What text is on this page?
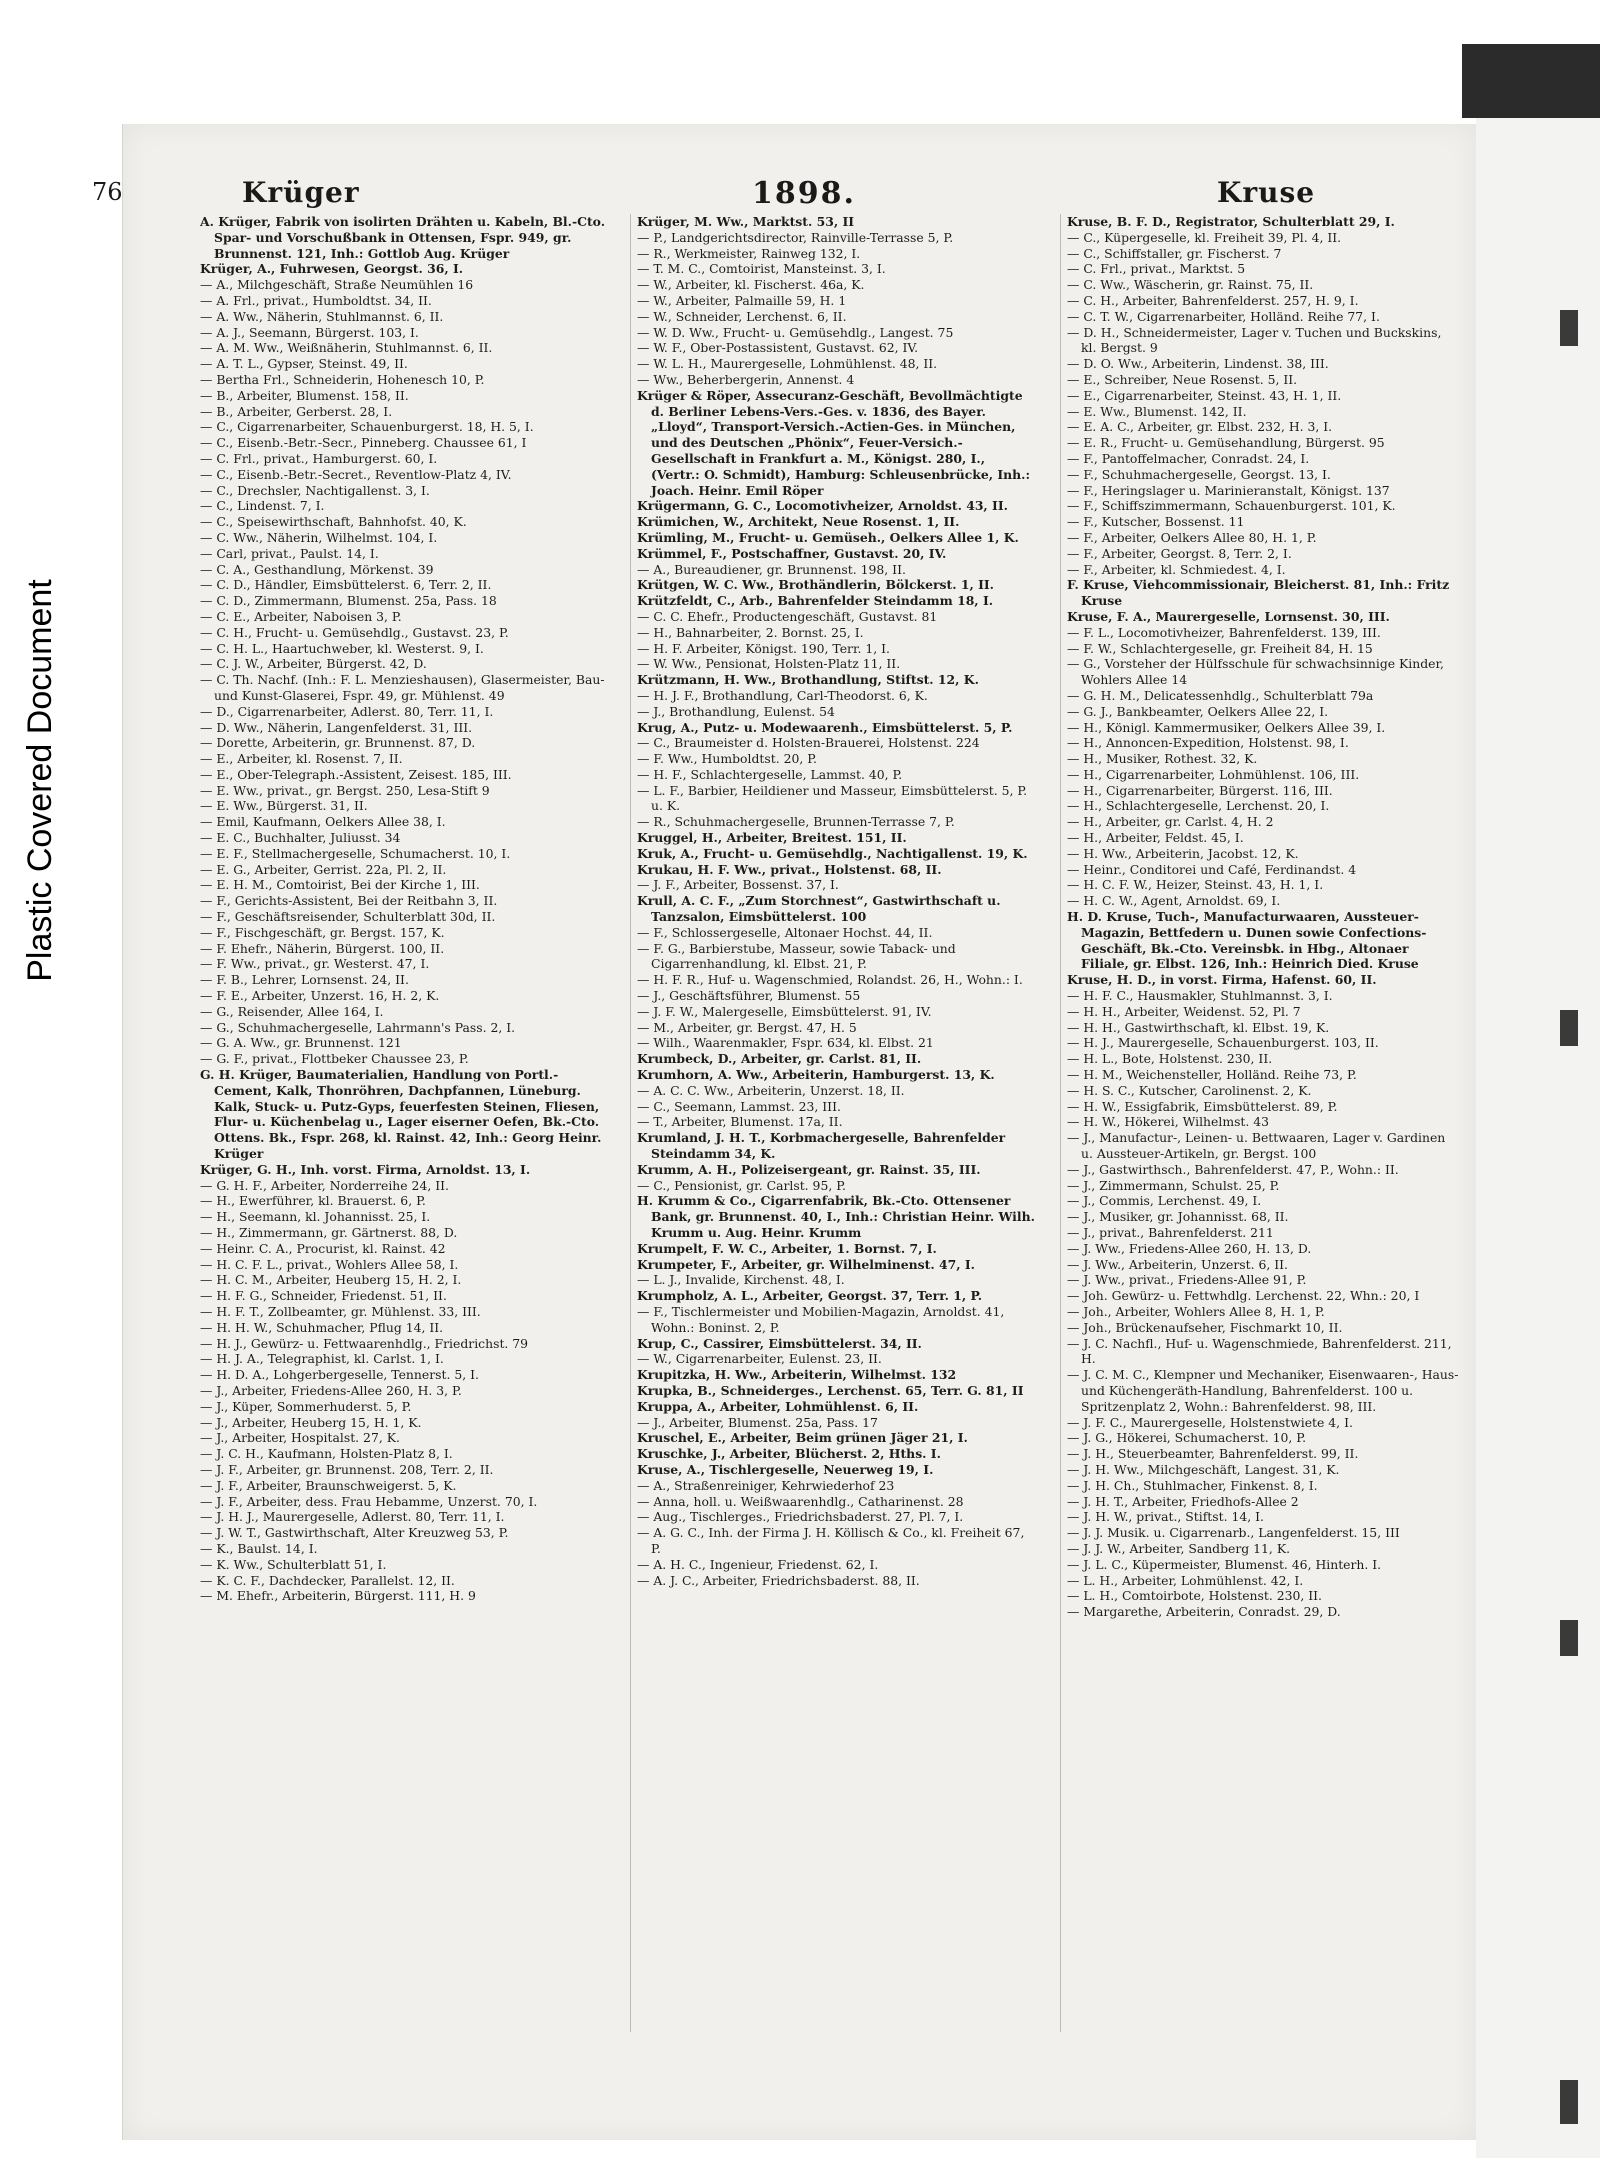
Plastic Covered Document
76	Krüger	1898.	Kruse
A. Krüger, Fabrik von isolirten Drähten u. Kabeln, Bl.-Cto. Spar- und Vorschußbank in Ottensen, Fspr. 949, gr. Brunnenst. 121, Inh.: Gottlob Aug. Krüger
Krüger, A., Fuhrwesen, Georgst. 36, I.
— A., Milchgeschäft, Straße Neumühlen 16
— A. Frl., privat., Humboldtst. 34, II.
— A. Ww., Näherin, Stuhlmannst. 6, II.
— A. J., Seemann, Bürgerst. 103, I.
— A. M. Ww., Weißnäherin, Stuhlmannst. 6, II.
— A. T. L., Gypser, Steinst. 49, II.
— Bertha Frl., Schneiderin, Hohenesch 10, P.
— B., Arbeiter, Blumenst. 158, II.
— B., Arbeiter, Gerberst. 28, I.
— C., Cigarrenarbeiter, Schauenburgerst. 18, H. 5, I.
— C., Eisenb.-Betr.-Secr., Pinneberg. Chaussee 61, I
— C. Frl., privat., Hamburgerst. 60, I.
— C., Eisenb.-Betr.-Secret., Reventlow-Platz 4, IV.
— C., Drechsler, Nachtigallenst. 3, I.
— C., Lindenst. 7, I.
— C., Speisewirthschaft, Bahnhofst. 40, K.
— C. Ww., Näherin, Wilhelmst. 104, I.
— Carl, privat., Paulst. 14, I.
— C. A., Gesthandlung, Mörkenst. 39
— C. D., Händler, Eimsbüttelerst. 6, Terr. 2, II.
— C. D., Zimmermann, Blumenst. 25a, Pass. 18
— C. E., Arbeiter, Naboisen 3, P.
— C. H., Frucht- u. Gemüsehdlg., Gustavst. 23, P.
— C. H. L., Haartuchweber, kl. Westerst. 9, I.
— C. J. W., Arbeiter, Bürgerst. 42, D.
— C. Th. Nachf. (Inh.: F. L. Menzieshausen), Glasermeister, Bau- und Kunst-Glaserei, Fspr. 49, gr. Mühlenst. 49
— D., Cigarrenarbeiter, Adlerst. 80, Terr. 11, I.
— D. Ww., Näherin, Langenfelderst. 31, III.
— Dorette, Arbeiterin, gr. Brunnenst. 87, D.
— E., Arbeiter, kl. Rosenst. 7, II.
— E., Ober-Telegraph.-Assistent, Zeisest. 185, III.
— E. Ww., privat., gr. Bergst. 250, Lesa-Stift 9
— E. Ww., Bürgerst. 31, II.
— Emil, Kaufmann, Oelkers Allee 38, I.
— E. C., Buchhalter, Juliusst. 34
— E. F., Stellmachergeselle, Schumacherst. 10, I.
— E. G., Arbeiter, Gerrist. 22a, Pl. 2, II.
— E. H. M., Comtoirist, Bei der Kirche 1, III.
— F., Gerichts-Assistent, Bei der Reitbahn 3, II.
— F., Geschäftsreisender, Schulterblatt 30d, II.
— F., Fischgeschäft, gr. Bergst. 157, K.
— F. Ehefr., Näherin, Bürgerst. 100, II.
— F. Ww., privat., gr. Westerst. 47, I.
— F. B., Lehrer, Lornsenst. 24, II.
— F. E., Arbeiter, Unzerst. 16, H. 2, K.
— G., Reisender, Allee 164, I.
— G., Schuhmachergeselle, Lahrmann's Pass. 2, I.
— G. A. Ww., gr. Brunnenst. 121
— G. F., privat., Flottbeker Chaussee 23, P.
G. H. Krüger, Baumaterialien, Handlung von Portl.-Cement, Kalk, Thonröhren, Dachpfannen, Lüneburg. Kalk, Stuck- u. Putz-Gyps, feuerfesten Steinen, Fliesen, Flur- u. Küchenbelag u., Lager eiserner Oefen, Bk.-Cto. Ottens. Bk., Fspr. 268, kl. Rainst. 42, Inh.: Georg Heinr. Krüger
Krüger, G. H., Inh. vorst. Firma, Arnoldst. 13, I.
— G. H. F., Arbeiter, Norderreihe 24, II.
— H., Ewerführer, kl. Brauerst. 6, P.
— H., Seemann, kl. Johannisst. 25, I.
— H., Zimmermann, gr. Gärtnerst. 88, D.
— Heinr. C. A., Procurist, kl. Rainst. 42
— H. C. F. L., privat., Wohlers Allee 58, I.
— H. C. M., Arbeiter, Heuberg 15, H. 2, I.
— H. F. G., Schneider, Friedenst. 51, II.
— H. F. T., Zollbeamter, gr. Mühlenst. 33, III.
— H. H. W., Schuhmacher, Pflug 14, II.
— H. J., Gewürz- u. Fettwaarenhdlg., Friedrichst. 79
— H. J. A., Telegraphist, kl. Carlst. 1, I.
— H. D. A., Lohgerbergeselle, Tennerst. 5, I.
— J., Arbeiter, Friedens-Allee 260, H. 3, P.
— J., Küper, Sommerhuderst. 5, P.
— J., Arbeiter, Heuberg 15, H. 1, K.
— J., Arbeiter, Hospitalst. 27, K.
— J. C. H., Kaufmann, Holsten-Platz 8, I.
— J. F., Arbeiter, gr. Brunnenst. 208, Terr. 2, II.
— J. F., Arbeiter, Braunschweigerst. 5, K.
— J. F., Arbeiter, dess. Frau Hebamme, Unzerst. 70, I.
— J. H. J., Maurergeselle, Adlerst. 80, Terr. 11, I.
— J. W. T., Gastwirthschaft, Alter Kreuzweg 53, P.
— K., Baulst. 14, I.
— K. Ww., Schulterblatt 51, I.
— K. C. F., Dachdecker, Parallelst. 12, II.
— M. Ehefr., Arbeiterin, Bürgerst. 111, H. 9
Krüger, M. Ww., Marktst. 53, II
— P., Landgerichtsdirector, Rainville-Terrasse 5, P.
— R., Werkmeister, Rainweg 132, I.
— T. M. C., Comtoirist, Mansteinst. 3, I.
— W., Arbeiter, kl. Fischerst. 46a, K.
— W., Arbeiter, Palmaille 59, H. 1
— W., Schneider, Lerchenst. 6, II.
— W. D. Ww., Frucht- u. Gemüsehdlg., Langest. 75
— W. F., Ober-Postassistent, Gustavst. 62, IV.
— W. L. H., Maurergeselle, Lohmühlenst. 48, II.
— Ww., Beherbergerin, Annenst. 4
Krüger & Röper, Assecuranz-Geschäft, Bevollmächtigte d. Berliner Lebens-Vers.-Ges. v. 1836, des Bayer. „Lloyd“, Transport-Versich.-Actien-Ges. in München, und des Deutschen „Phönix“, Feuer-Versich.-Gesellschaft in Frankfurt a. M., Königst. 280, I., (Vertr.: O. Schmidt), Hamburg: Schleusenbrücke, Inh.: Joach. Heinr. Emil Röper
Krügermann, G. C., Locomotivheizer, Arnoldst. 43, II.
Krümichen, W., Architekt, Neue Rosenst. 1, II.
Krümling, M., Frucht- u. Gemüseh., Oelkers Allee 1, K.
Krümmel, F., Postschaffner, Gustavst. 20, IV.
— A., Bureaudiener, gr. Brunnenst. 198, II.
Krütgen, W. C. Ww., Brothändlerin, Bölckerst. 1, II.
Krützfeldt, C., Arb., Bahrenfelder Steindamm 18, I.
— C. C. Ehefr., Productengeschäft, Gustavst. 81
— H., Bahnarbeiter, 2. Bornst. 25, I.
— H. F. Arbeiter, Königst. 190, Terr. 1, I.
— W. Ww., Pensionat, Holsten-Platz 11, II.
Krützmann, H. Ww., Brothandlung, Stiftst. 12, K.
— H. J. F., Brothandlung, Carl-Theodorst. 6, K.
— J., Brothandlung, Eulenst. 54
Krug, A., Putz- u. Modewaarenh., Eimsbüttelerst. 5, P.
— C., Braumeister d. Holsten-Brauerei, Holstenst. 224
— F. Ww., Humboldtst. 20, P.
— H. F., Schlachtergeselle, Lammst. 40, P.
— L. F., Barbier, Heildiener und Masseur, Eimsbüttelerst. 5, P. u. K.
— R., Schuhmachergeselle, Brunnen-Terrasse 7, P.
Kruggel, H., Arbeiter, Breitest. 151, II.
Kruk, A., Frucht- u. Gemüsehdlg., Nachtigallenst. 19, K.
Krukau, H. F. Ww., privat., Holstenst. 68, II.
— J. F., Arbeiter, Bossenst. 37, I.
Krull, A. C. F., „Zum Storchnest“, Gastwirthschaft u. Tanzsalon, Eimsbüttelerst. 100
— F., Schlossergeselle, Altonaer Hochst. 44, II.
— F. G., Barbierstube, Masseur, sowie Taback- und Cigarrenhandlung, kl. Elbst. 21, P.
— H. F. R., Huf- u. Wagenschmied, Rolandst. 26, H., Wohn.: I.
— J., Geschäftsführer, Blumenst. 55
— J. F. W., Malergeselle, Eimsbüttelerst. 91, IV.
— M., Arbeiter, gr. Bergst. 47, H. 5
— Wilh., Waarenmakler, Fspr. 634, kl. Elbst. 21
Krumbeck, D., Arbeiter, gr. Carlst. 81, II.
Krumhorn, A. Ww., Arbeiterin, Hamburgerst. 13, K.
— A. C. C. Ww., Arbeiterin, Unzerst. 18, II.
— C., Seemann, Lammst. 23, III.
— T., Arbeiter, Blumenst. 17a, II.
Krumland, J. H. T., Korbmachergeselle, Bahrenfelder Steindamm 34, K.
Krumm, A. H., Polizeisergeant, gr. Rainst. 35, III.
— C., Pensionist, gr. Carlst. 95, P.
H. Krumm & Co., Cigarrenfabrik, Bk.-Cto. Ottensener Bank, gr. Brunnenst. 40, I., Inh.: Christian Heinr. Wilh. Krumm u. Aug. Heinr. Krumm
Krumpelt, F. W. C., Arbeiter, 1. Bornst. 7, I.
Krumpeter, F., Arbeiter, gr. Wilhelminenst. 47, I.
— L. J., Invalide, Kirchenst. 48, I.
Krumpholz, A. L., Arbeiter, Georgst. 37, Terr. 1, P.
— F., Tischlermeister und Mobilien-Magazin, Arnoldst. 41, Wohn.: Boninst. 2, P.
Krup, C., Cassirer, Eimsbüttelerst. 34, II.
— W., Cigarrenarbeiter, Eulenst. 23, II.
Krupitzka, H. Ww., Arbeiterin, Wilhelmst. 132
Krupka, B., Schneiderges., Lerchenst. 65, Terr. G. 81, II
Kruppa, A., Arbeiter, Lohmühlenst. 6, II.
— J., Arbeiter, Blumenst. 25a, Pass. 17
Kruschel, E., Arbeiter, Beim grünen Jäger 21, I.
Kruschke, J., Arbeiter, Blücherst. 2, Hths. I.
Kruse, A., Tischlergeselle, Neuerweg 19, I.
— A., Straßenreiniger, Kehrwiederhof 23
— Anna, holl. u. Weißwaarenhdlg., Catharinenst. 28
— Aug., Tischlerges., Friedrichsbaderst. 27, Pl. 7, I.
— A. G. C., Inh. der Firma J. H. Köllisch & Co., kl. Freiheit 67, P.
— A. H. C., Ingenieur, Friedenst. 62, I.
— A. J. C., Arbeiter, Friedrichsbaderst. 88, II.
Kruse, B. F. D., Registrator, Schulterblatt 29, I.
— C., Küpergeselle, kl. Freiheit 39, Pl. 4, II.
— C., Schiffstaller, gr. Fischerst. 7
— C. Frl., privat., Marktst. 5
— C. Ww., Wäscherin, gr. Rainst. 75, II.
— C. H., Arbeiter, Bahrenfelderst. 257, H. 9, I.
— C. T. W., Cigarrenarbeiter, Holländ. Reihe 77, I.
— D. H., Schneidermeister, Lager v. Tuchen und Buckskins, kl. Bergst. 9
— D. O. Ww., Arbeiterin, Lindenst. 38, III.
— E., Schreiber, Neue Rosenst. 5, II.
— E., Cigarrenarbeiter, Steinst. 43, H. 1, II.
— E. Ww., Blumenst. 142, II.
— E. A. C., Arbeiter, gr. Elbst. 232, H. 3, I.
— E. R., Frucht- u. Gemüsehandlung, Bürgerst. 95
— F., Pantoffelmacher, Conradst. 24, I.
— F., Schuhmachergeselle, Georgst. 13, I.
— F., Heringslager u. Marinieranstalt, Königst. 137
— F., Schiffszimmermann, Schauenburgerst. 101, K.
— F., Kutscher, Bossenst. 11
— F., Arbeiter, Oelkers Allee 80, H. 1, P.
— F., Arbeiter, Georgst. 8, Terr. 2, I.
— F., Arbeiter, kl. Schmiedest. 4, I.
F. Kruse, Viehcommissionair, Bleicherst. 81, Inh.: Fritz Kruse
Kruse, F. A., Maurergeselle, Lornsenst. 30, III.
— F. L., Locomotivheizer, Bahrenfelderst. 139, III.
— F. W., Schlachtergeselle, gr. Freiheit 84, H. 15
— G., Vorsteher der Hülfsschule für schwachsinnige Kinder, Wohlers Allee 14
— G. H. M., Delicatessenhdlg., Schulterblatt 79a
— G. J., Bankbeamter, Oelkers Allee 22, I.
— H., Königl. Kammermusiker, Oelkers Allee 39, I.
— H., Annoncen-Expedition, Holstenst. 98, I.
— H., Musiker, Rothest. 32, K.
— H., Cigarrenarbeiter, Lohmühlenst. 106, III.
— H., Cigarrenarbeiter, Bürgerst. 116, III.
— H., Schlachtergeselle, Lerchenst. 20, I.
— H., Arbeiter, gr. Carlst. 4, H. 2
— H., Arbeiter, Feldst. 45, I.
— H. Ww., Arbeiterin, Jacobst. 12, K.
— Heinr., Conditorei und Café, Ferdinandst. 4
— H. C. F. W., Heizer, Steinst. 43, H. 1, I.
— H. C. W., Agent, Arnoldst. 69, I.
H. D. Kruse, Tuch-, Manufacturwaaren, Aussteuer-Magazin, Bettfedern u. Dunen sowie Confections-Geschäft, Bk.-Cto. Vereinsbk. in Hbg., Altonaer Filiale, gr. Elbst. 126, Inh.: Heinrich Died. Kruse
Kruse, H. D., in vorst. Firma, Hafenst. 60, II.
— H. F. C., Hausmakler, Stuhlmannst. 3, I.
— H. H., Arbeiter, Weidenst. 52, Pl. 7
— H. H., Gastwirthschaft, kl. Elbst. 19, K.
— H. J., Maurergeselle, Schauenburgerst. 103, II.
— H. L., Bote, Holstenst. 230, II.
— H. M., Weichensteller, Holländ. Reihe 73, P.
— H. S. C., Kutscher, Carolinenst. 2, K.
— H. W., Essigfabrik, Eimsbüttelerst. 89, P.
— H. W., Hökerei, Wilhelmst. 43
— J., Manufactur-, Leinen- u. Bettwaaren, Lager v. Gardinen u. Aussteuer-Artikeln, gr. Bergst. 100
— J., Gastwirthsch., Bahrenfelderst. 47, P., Wohn.: II.
— J., Zimmermann, Schulst. 25, P.
— J., Commis, Lerchenst. 49, I.
— J., Musiker, gr. Johannisst. 68, II.
— J., privat., Bahrenfelderst. 211
— J. Ww., Friedens-Allee 260, H. 13, D.
— J. Ww., Arbeiterin, Unzerst. 6, II.
— J. Ww., privat., Friedens-Allee 91, P.
— Joh. Gewürz- u. Fettwhdlg. Lerchenst. 22, Whn.: 20, I
— Joh., Arbeiter, Wohlers Allee 8, H. 1, P.
— Joh., Brückenaufseher, Fischmarkt 10, II.
— J. C. Nachfl., Huf- u. Wagenschmiede, Bahrenfelderst. 211, H.
— J. C. M. C., Klempner und Mechaniker, Eisenwaaren-, Haus- und Küchengeräth-Handlung, Bahrenfelderst. 100 u. Spritzenplatz 2, Wohn.: Bahrenfelderst. 98, III.
— J. F. C., Maurergeselle, Holstenstwiete 4, I.
— J. G., Hökerei, Schumacherst. 10, P.
— J. H., Steuerbeamter, Bahrenfelderst. 99, II.
— J. H. Ww., Milchgeschäft, Langest. 31, K.
— J. H. Ch., Stuhlmacher, Finkenst. 8, I.
— J. H. T., Arbeiter, Friedhofs-Allee 2
— J. H. W., privat., Stiftst. 14, I.
— J. J. Musik. u. Cigarrenarb., Langenfelderst. 15, III
— J. J. W., Arbeiter, Sandberg 11, K.
— J. L. C., Küpermeister, Blumenst. 46, Hinterh. I.
— L. H., Arbeiter, Lohmühlenst. 42, I.
— L. H., Comtoirbote, Holstenst. 230, II.
— Margarethe, Arbeiterin, Conradst. 29, D.
